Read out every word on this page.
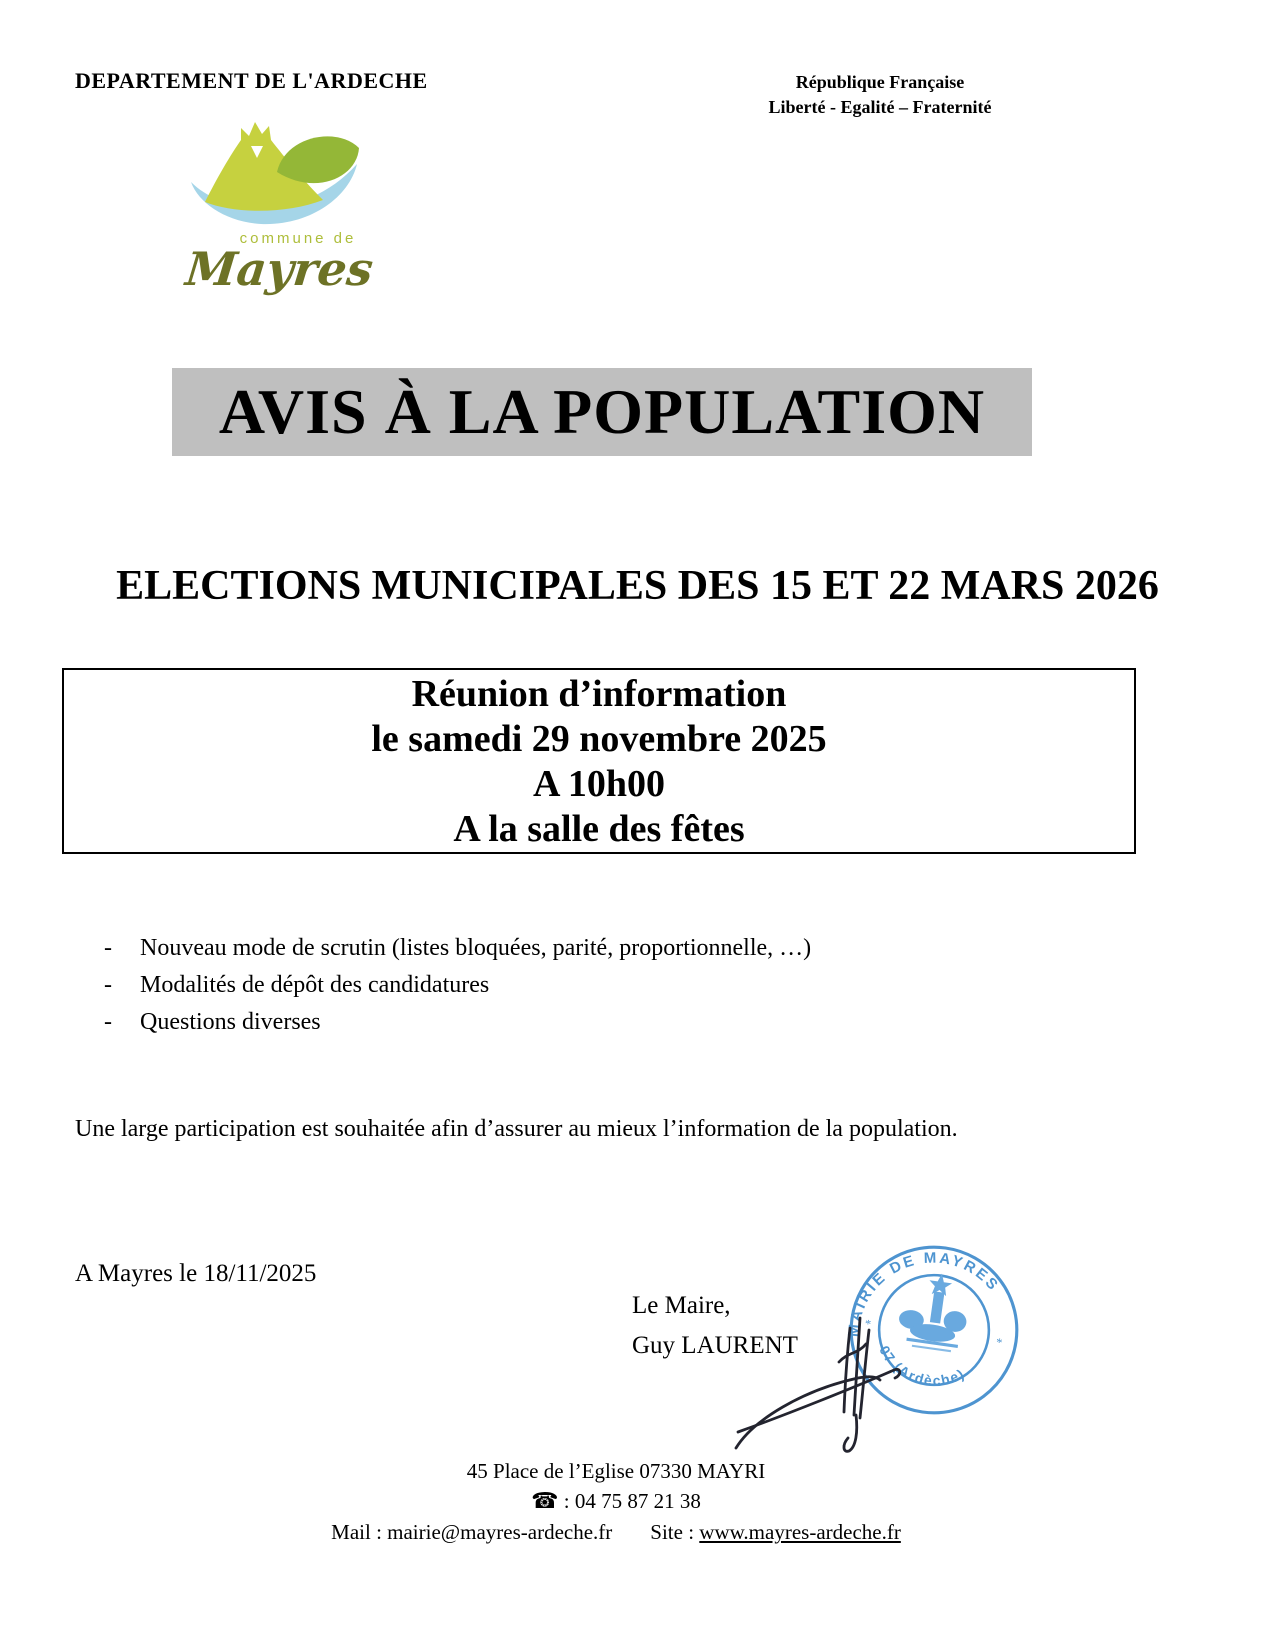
DEPARTEMENT DE L'ARDECHE	République Française
Liberté - Egalité – Fraternité
commune de
Mayres
AVIS À LA POPULATION
ELECTIONS MUNICIPALES DES 15 ET 22 MARS 2026
Réunion d’information
le samedi 29 novembre 2025
A 10h00
A la salle des fêtes
-	Nouveau mode de scrutin (listes bloquées, parité, proportionnelle, …)
-	Modalités de dépôt des candidatures
-	Questions diverses
Une large participation est souhaitée afin d’assurer au mieux l’information de la population.
A Mayres le 18/11/2025
Le Maire,
Guy LAURENT
MAIRIE DE MAYRES
07 (Ardèche)
*
*
45 Place de l’Eglise 07330 MAYRI
☎ : 04 75 87 21 38
Mail : mairie@mayres-ardeche.fr Site : www.mayres-ardeche.fr
